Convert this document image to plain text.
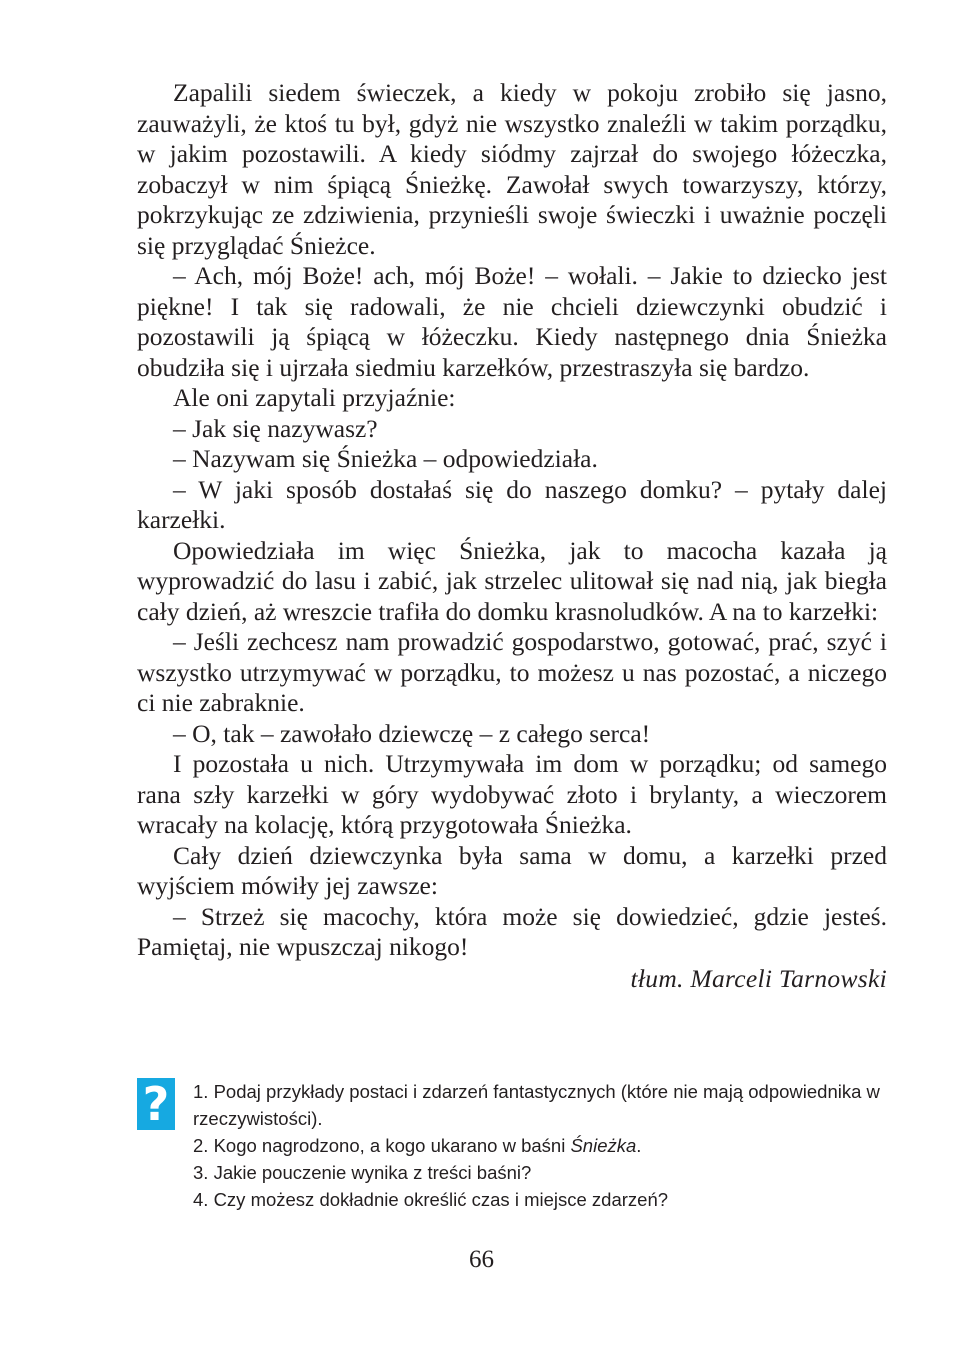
Zapalili siedem świeczek, a kiedy w pokoju zrobiło się jasno, zauważyli, że ktoś tu był, gdyż nie wszystko znaleźli w takim porządku, w jakim pozostawili. A kiedy siódmy zajrzał do swojego łóżeczka, zobaczył w nim śpiącą Śnieżkę. Zawołał swych towarzyszy, którzy, pokrzykując ze zdziwienia, przynieśli swoje świeczki i uważnie poczęli się przyglądać Śnieżce.

– Ach, mój Boże! ach, mój Boże! – wołali. – Jakie to dziecko jest piękne! I tak się radowali, że nie chcieli dziewczynki obudzić i pozostawili ją śpiącą w łóżeczku. Kiedy następnego dnia Śnieżka obudziła się i ujrzała siedmiu karzełków, przestraszyła się bardzo.

Ale oni zapytali przyjaźnie:

– Jak się nazywasz?

– Nazywam się Śnieżka – odpowiedziała.

– W jaki sposób dostałaś się do naszego domku? – pytały dalej karzełki.

Opowiedziała im więc Śnieżka, jak to macocha kazała ją wyprowadzić do lasu i zabić, jak strzelec ulitował się nad nią, jak biegła cały dzień, aż wreszcie trafiła do domku krasnoludków. A na to karzełki:

– Jeśli zechcesz nam prowadzić gospodarstwo, gotować, prać, szyć i wszystko utrzymywać w porządku, to możesz u nas pozostać, a niczego ci nie zabraknie.

– O, tak – zawołało dziewczę – z całego serca!

I pozostała u nich. Utrzymywała im dom w porządku; od samego rana szły karzełki w góry wydobywać złoto i brylanty, a wieczorem wracały na kolację, którą przygotowała Śnieżka.

Cały dzień dziewczynka była sama w domu, a karzełki przed wyjściem mówiły jej zawsze:

– Strzeż się macochy, która może się dowiedzieć, gdzie jesteś. Pamiętaj, nie wpuszczaj nikogo!

tłum. Marceli Tarnowski
?	1. Podaj przykłady postaci i zdarzeń fantastycznych (które nie mają odpowiednika w rzeczywistości).
2. Kogo nagrodzono, a kogo ukarano w baśni Śnieżka.
3. Jakie pouczenie wynika z treści baśni?
4. Czy możesz dokładnie określić czas i miejsce zdarzeń?
66
